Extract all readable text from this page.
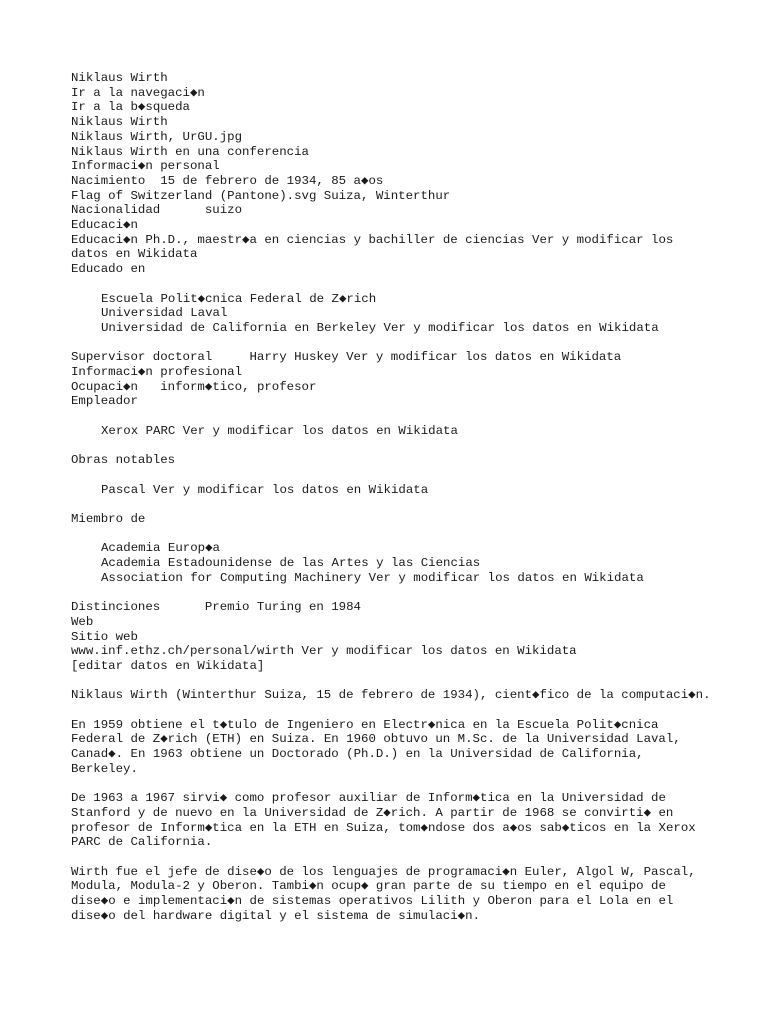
Niklaus Wirth
Ir a la navegaci◆n
Ir a la b◆squeda
Niklaus Wirth
Niklaus Wirth, UrGU.jpg
Niklaus Wirth en una conferencia
Informaci◆n personal
Nacimiento  15 de febrero de 1934, 85 a◆os
Flag of Switzerland (Pantone).svg Suiza, Winterthur
Nacionalidad      suizo
Educaci◆n
Educaci◆n Ph.D., maestr◆a en ciencias y bachiller de ciencias Ver y modificar los datos en Wikidata
Educado en
Escuela Polit◆cnica Federal de Z◆rich
Universidad Laval
Universidad de California en Berkeley Ver y modificar los datos en Wikidata
Supervisor doctoral     Harry Huskey Ver y modificar los datos en Wikidata
Informaci◆n profesional
Ocupaci◆n   inform◆tico, profesor
Empleador
Xerox PARC Ver y modificar los datos en Wikidata
Obras notables
Pascal Ver y modificar los datos en Wikidata
Miembro de
Academia Europ◆a
Academia Estadounidense de las Artes y las Ciencias
Association for Computing Machinery Ver y modificar los datos en Wikidata
Distinciones      Premio Turing en 1984
Web
Sitio web
www.inf.ethz.ch/personal/wirth Ver y modificar los datos en Wikidata
[editar datos en Wikidata]
Niklaus Wirth (Winterthur Suiza, 15 de febrero de 1934), cient◆fico de la computaci◆n.
En 1959 obtiene el t◆tulo de Ingeniero en Electr◆nica en la Escuela Polit◆cnica Federal de Z◆rich (ETH) en Suiza. En 1960 obtuvo un M.Sc. de la Universidad Laval, Canad◆. En 1963 obtiene un Doctorado (Ph.D.) en la Universidad de California, Berkeley.
De 1963 a 1967 sirvi◆ como profesor auxiliar de Inform◆tica en la Universidad de Stanford y de nuevo en la Universidad de Z◆rich. A partir de 1968 se convirti◆ en profesor de Inform◆tica en la ETH en Suiza, tom◆ndose dos a◆os sab◆ticos en la Xerox PARC de California.
Wirth fue el jefe de dise◆o de los lenguajes de programaci◆n Euler, Algol W, Pascal, Modula, Modula-2 y Oberon. Tambi◆n ocup◆ gran parte de su tiempo en el equipo de dise◆o e implementaci◆n de sistemas operativos Lilith y Oberon para el Lola en el dise◆o del hardware digital y el sistema de simulaci◆n.
